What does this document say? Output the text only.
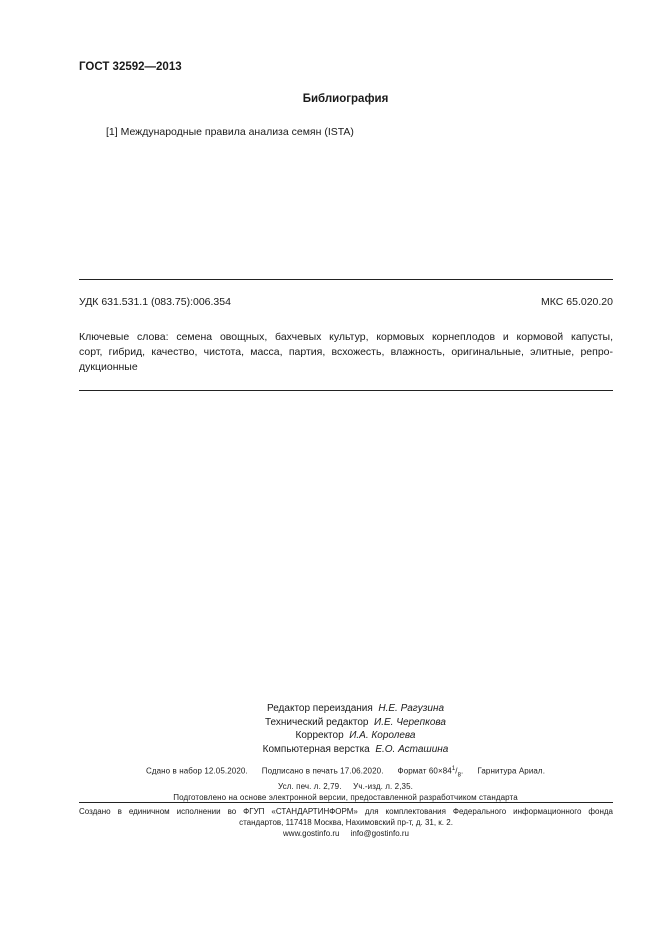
ГОСТ 32592—2013
Библиография
[1] Международные правила анализа семян (ISTA)
УДК 631.531.1 (083.75):006.354	МКС 65.020.20
Ключевые слова: семена овощных, бахчевых культур, кормовых корнеплодов и кормовой капусты,
сорт, гибрид, качество, чистота, масса, партия, всхожесть, влажность, оригинальные, элитные, репро-
дукционные
Редактор переиздания Н.Е. Рагузина
Технический редактор И.Е. Черепкова
Корректор И.А. Королева
Компьютерная верстка Е.О. Асташина
Сдано в набор 12.05.2020. Подписано в печать 17.06.2020. Формат $60\times 84^1/_8$. Гарнитура Ариал.
Усл. печ. л. 2,79. Уч.-изд. л. 2,35.
Подготовлено на основе электронной версии, предоставленной разработчиком стандарта
Создано в единичном исполнении во ФГУП «СТАНДАРТИНФОРМ» для комплектования Федерального информационного фонда
стандартов, 117418 Москва, Нахимовский пр-т, д. 31, к. 2.
www.gostinfo.ru info@gostinfo.ru
